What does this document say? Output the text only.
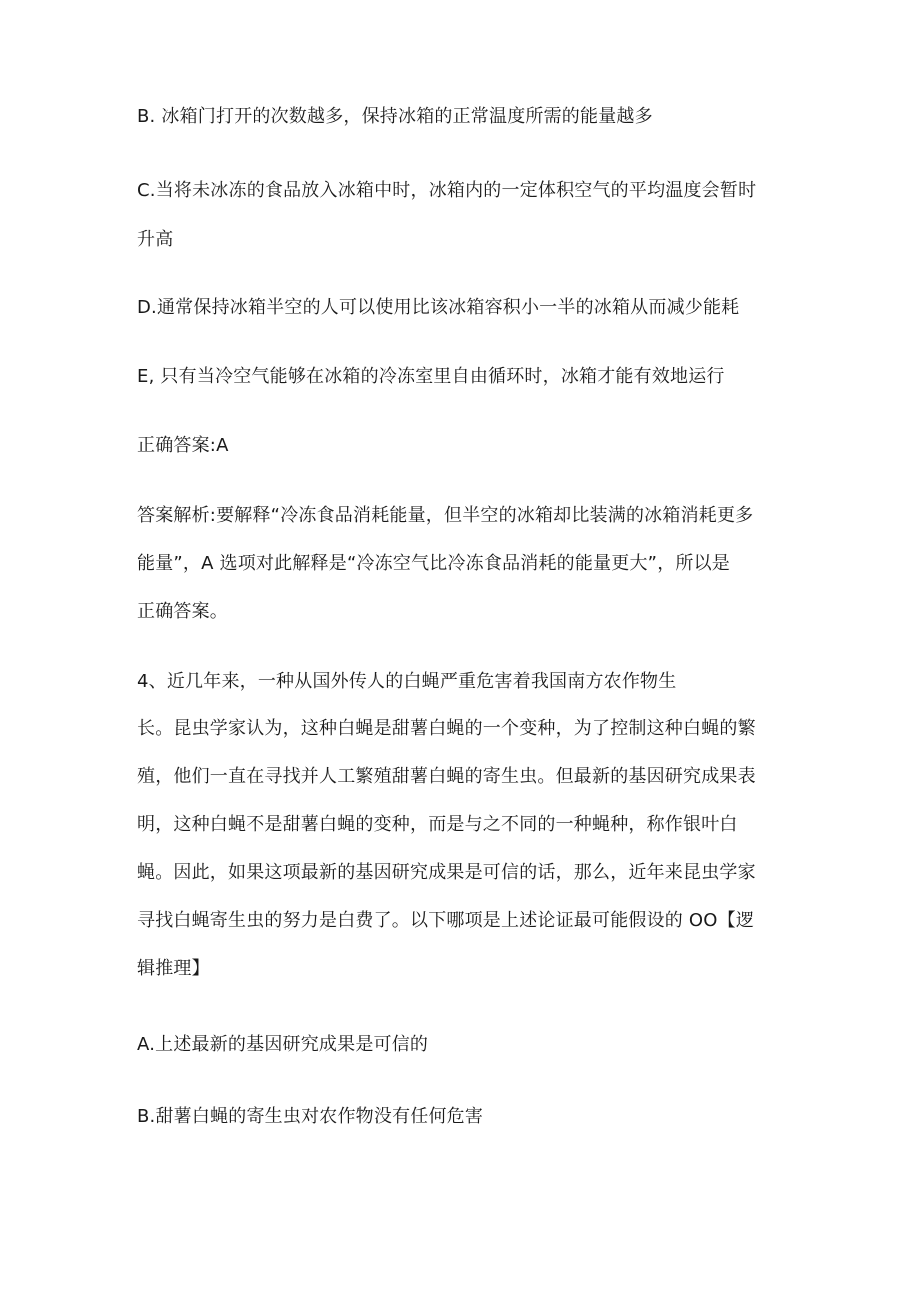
B. 冰箱门打开的次数越多，保持冰箱的正常温度所需的能量越多
C.当将未冰冻的食品放入冰箱中时，冰箱内的一定体积空气的平均温度会暂时
升高
D.通常保持冰箱半空的人可以使用比该冰箱容积小一半的冰箱从而减少能耗
E, 只有当冷空气能够在冰箱的冷冻室里自由循环时，冰箱才能有效地运行
正确答案:A
答案解析:要解释“冷冻食品消耗能量，但半空的冰箱却比装满的冰箱消耗更多
能量”，A 选项对此解释是“冷冻空气比冷冻食品消耗的能量更大”，所以是
正确答案。
4、近几年来，一种从国外传人的白蝇严重危害着我国南方农作物生
长。昆虫学家认为，这种白蝇是甜薯白蝇的一个变种，为了控制这种白蝇的繁
殖，他们一直在寻找并人工繁殖甜薯白蝇的寄生虫。但最新的基因研究成果表
明，这种白蝇不是甜薯白蝇的变种，而是与之不同的一种蝇种，称作银叶白
蝇。因此，如果这项最新的基因研究成果是可信的话，那么，近年来昆虫学家
寻找白蝇寄生虫的努力是白费了。以下哪项是上述论证最可能假设的 OO【逻
辑推理】
A.上述最新的基因研究成果是可信的
B.甜薯白蝇的寄生虫对农作物没有任何危害
